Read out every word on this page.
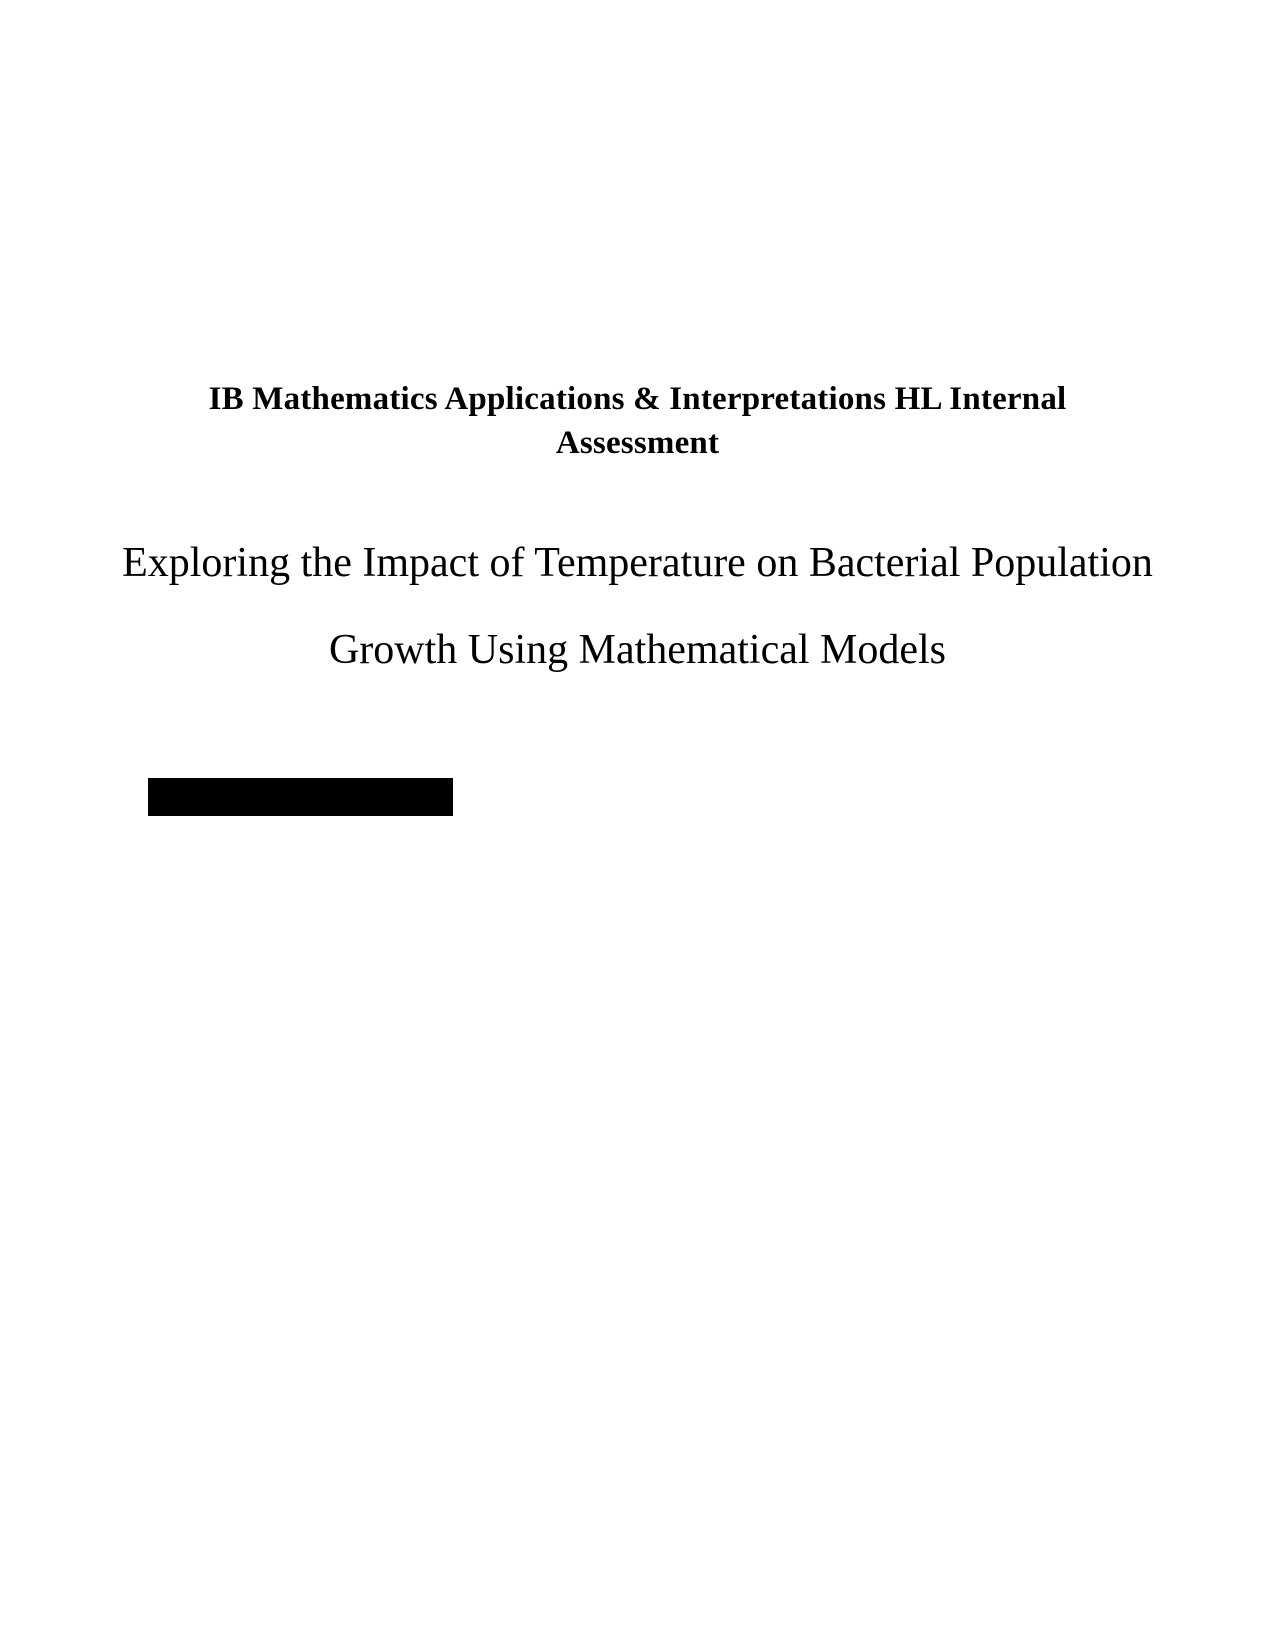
IB Mathematics Applications & Interpretations HL Internal
Assessment
Exploring the Impact of Temperature on Bacterial Population
Growth Using Mathematical Models
